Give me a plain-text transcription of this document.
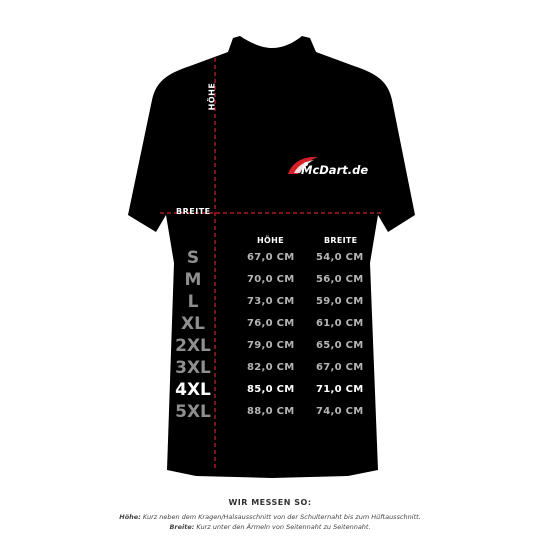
HÖHE
BREITE
McDart.de
HÖHE	BREITE
S	67,0 CM 54,0 CM
M	70,0 CM 56,0 CM
L	73,0 CM 59,0 CM
XL	76,0 CM 61,0 CM
2XL	79,0 CM 65,0 CM
3XL	82,0 CM 67,0 CM
4XL	85,0 CM 71,0 CM
5XL	88,0 CM 74,0 CM
WIR MESSEN SO:
Höhe: Kurz neben dem Kragen/Halsausschnitt von der Schulternaht bis zum Hüftausschnitt.
Breite: Kurz unter den Ärmeln von Seitennaht zu Seitennaht.
